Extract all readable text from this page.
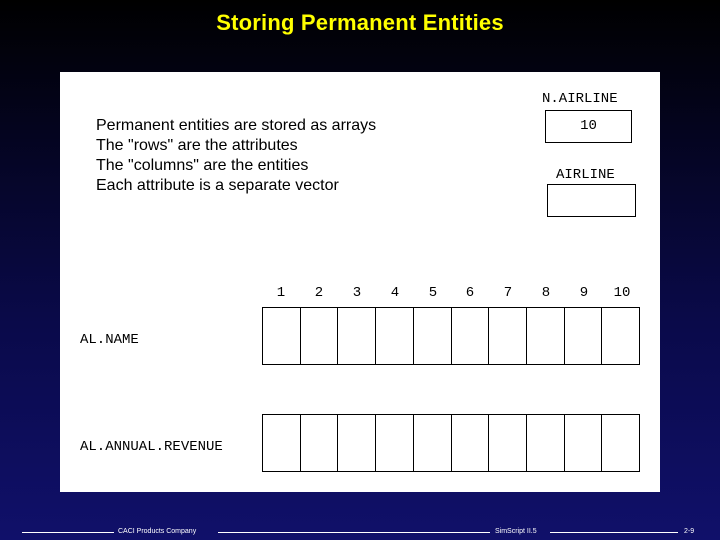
Storing Permanent Entities
Permanent entities are stored as arrays
The "rows" are the attributes
The "columns" are the entities
Each attribute is a separate vector
N.AIRLINE
10
AIRLINE
1	2	3	4	5	6	7	8	9	10
AL.NAME
AL.ANNUAL.REVENUE
CACI Products Company	SimScript II.5	2-9
